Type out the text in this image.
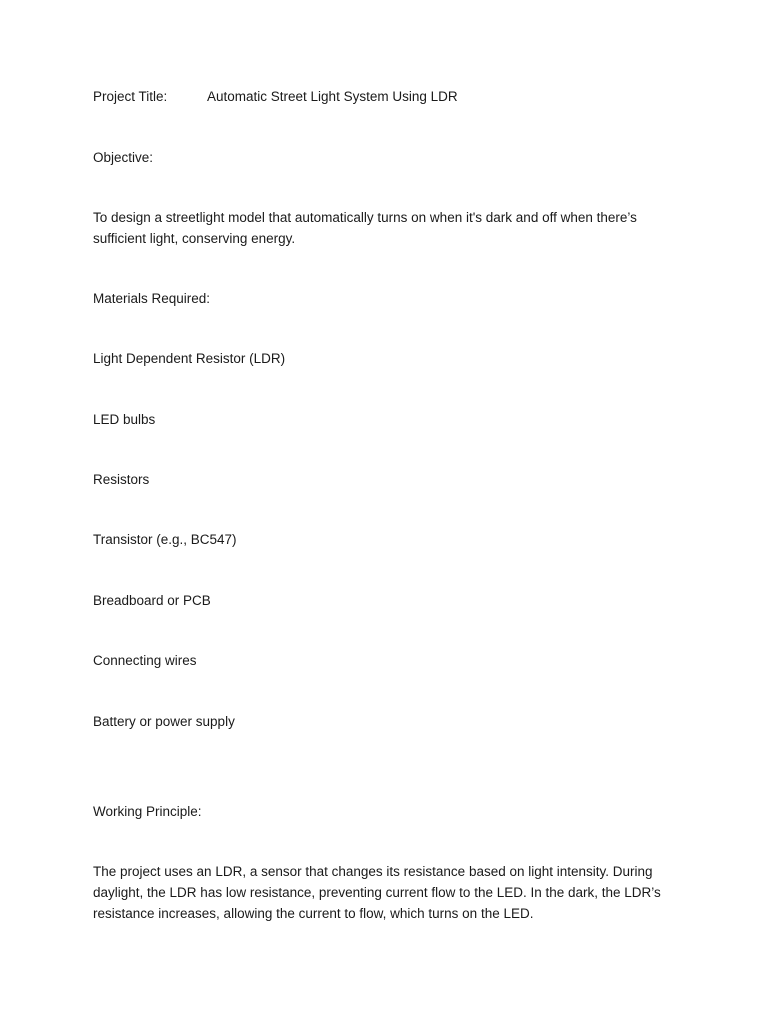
Project Title:	Automatic Street Light System Using LDR

Objective:

To design a streetlight model that automatically turns on when it's dark and off when there’s sufficient light, conserving energy.

Materials Required:

Light Dependent Resistor (LDR)

LED bulbs

Resistors

Transistor (e.g., BC547)

Breadboard or PCB

Connecting wires

Battery or power supply

Working Principle:

The project uses an LDR, a sensor that changes its resistance based on light intensity. During daylight, the LDR has low resistance, preventing current flow to the LED. In the dark, the LDR’s resistance increases, allowing the current to flow, which turns on the LED.
